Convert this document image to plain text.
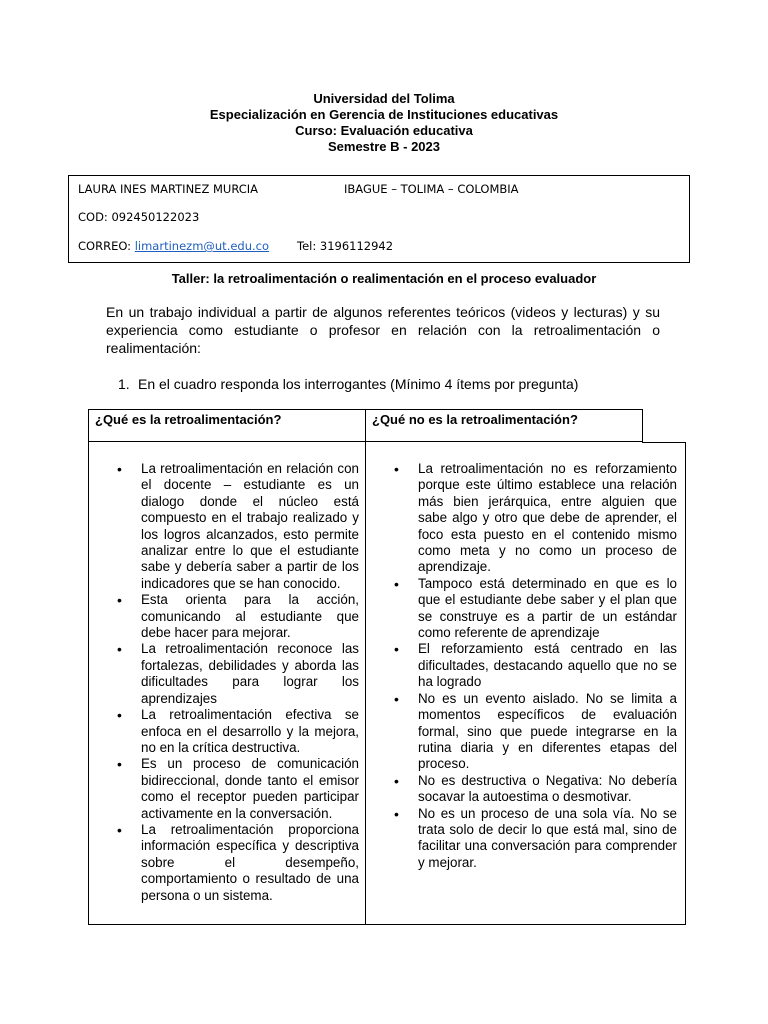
Universidad del Tolima
Especialización en Gerencia de Instituciones educativas
Curso: Evaluación educativa
Semestre B - 2023
LAURA INES MARTINEZ MURCIA	IBAGUE – TOLIMA – COLOMBIA
COD: 092450122023
CORREO: limartinezm@ut.edu.co Tel: 3196112942
Taller: la retroalimentación o realimentación en el proceso evaluador
En un trabajo individual a partir de algunos referentes teóricos (videos y lecturas) y su experiencia como estudiante o profesor en relación con la retroalimentación o realimentación:
1. En el cuadro responda los interrogantes (Mínimo 4 ítems por pregunta)
¿Qué es la retroalimentación?	¿Qué no es la retroalimentación?
• La retroalimentación en relación con el docente – estudiante es un dialogo donde el núcleo está compuesto en el trabajo realizado y los logros alcanzados, esto permite analizar entre lo que el estudiante sabe y debería saber a partir de los indicadores que se han conocido.
• Esta orienta para la acción, comunicando al estudiante que debe hacer para mejorar.
• La retroalimentación reconoce las fortalezas, debilidades y aborda las dificultades para lograr los aprendizajes
• La retroalimentación efectiva se enfoca en el desarrollo y la mejora, no en la crítica destructiva.
• Es un proceso de comunicación bidireccional, donde tanto el emisor como el receptor pueden participar activamente en la conversación.
• La retroalimentación proporciona información específica y descriptiva sobre el desempeño, comportamiento o resultado de una persona o un sistema.
• La retroalimentación no es reforzamiento porque este último establece una relación más bien jerárquica, entre alguien que sabe algo y otro que debe de aprender, el foco esta puesto en el contenido mismo como meta y no como un proceso de aprendizaje.
• Tampoco está determinado en que es lo que el estudiante debe saber y el plan que se construye es a partir de un estándar como referente de aprendizaje
• El reforzamiento está centrado en las dificultades, destacando aquello que no se ha logrado
• No es un evento aislado. No se limita a momentos específicos de evaluación formal, sino que puede integrarse en la rutina diaria y en diferentes etapas del proceso.
• No es destructiva o Negativa: No debería socavar la autoestima o desmotivar.
• No es un proceso de una sola vía. No se trata solo de decir lo que está mal, sino de facilitar una conversación para comprender y mejorar.
